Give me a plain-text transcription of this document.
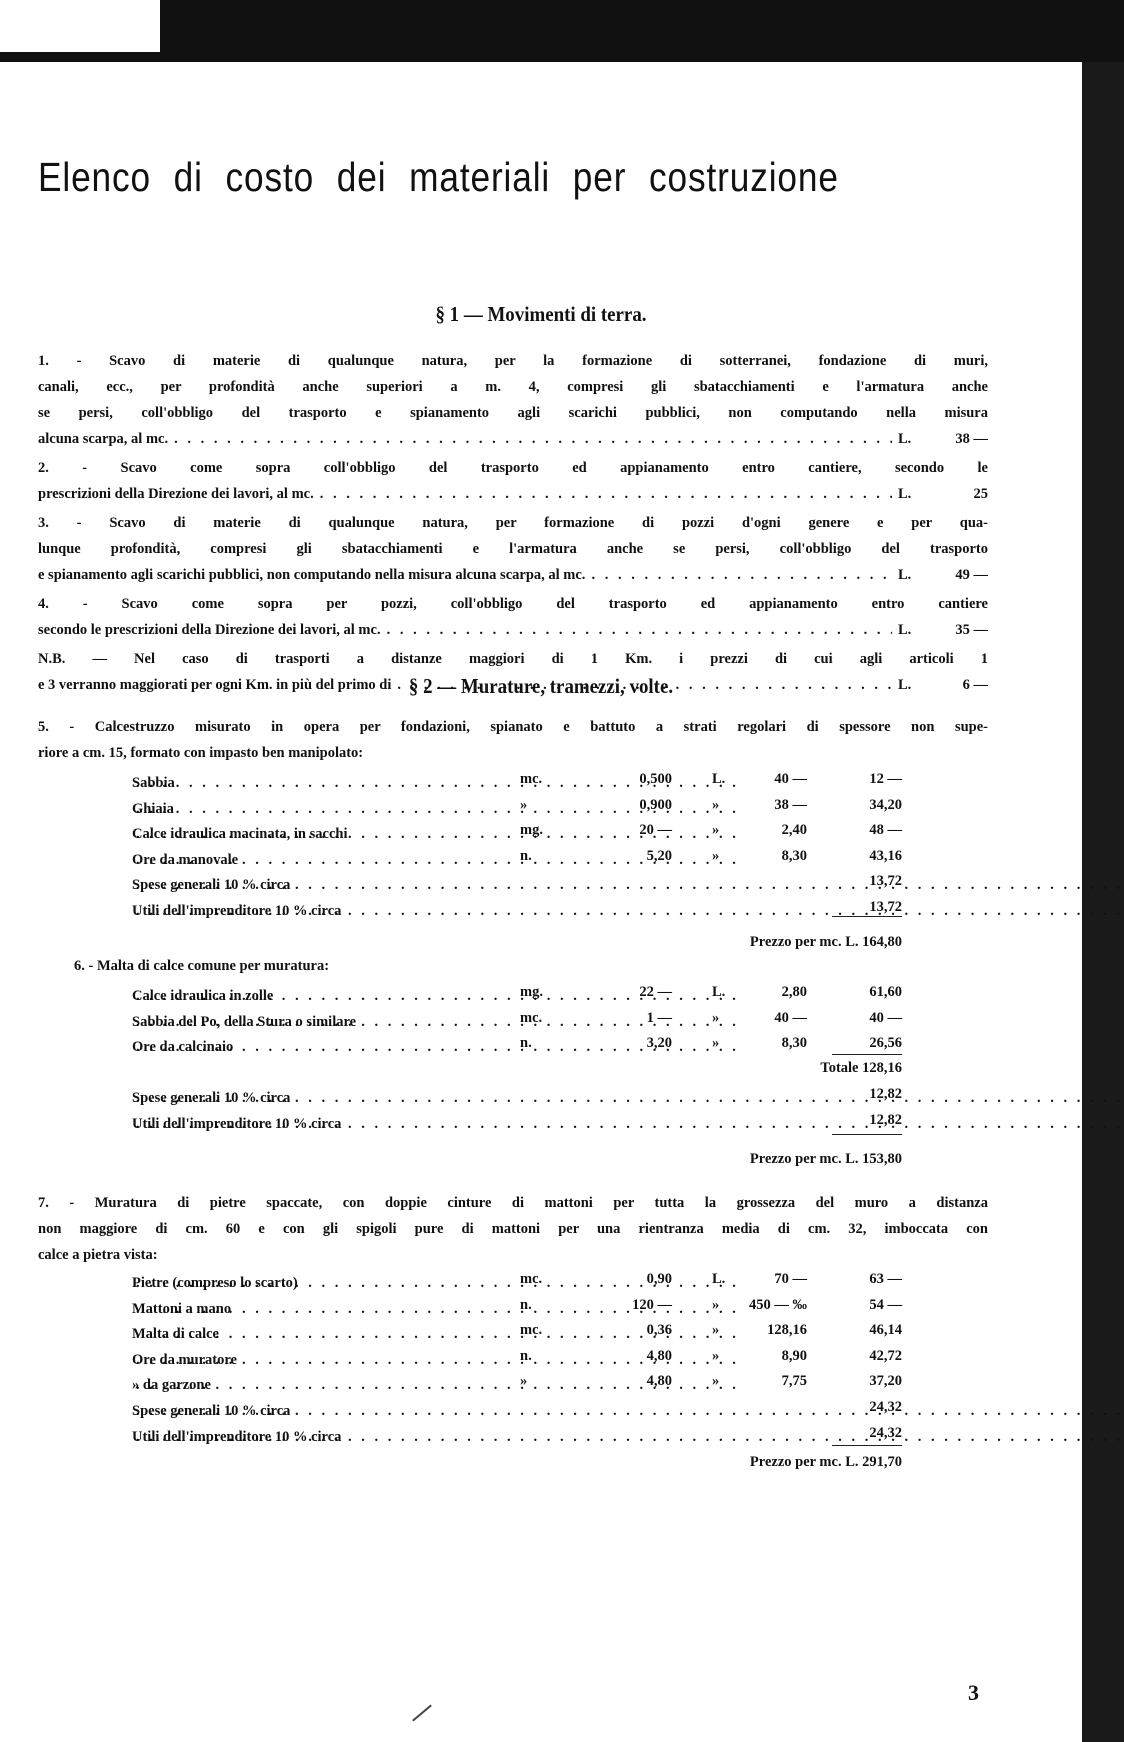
Elenco di costo dei materiali per costruzione
§ 1 — Movimenti di terra.
1. - Scavo di materie di qualunque natura, per la formazione di sotterranei, fondazione di muri,
canali, ecc., per profondità anche superiori a m. 4, compresi gli sbatacchiamenti e l'armatura anche
se persi, coll'obbligo del trasporto e spianamento agli scarichi pubblici, non computando nella misura
alcuna scarpa, al mc. . . .	L.	38 —
2. - Scavo come sopra coll'obbligo del trasporto ed appianamento entro cantiere, secondo le
prescrizioni della Direzione dei lavori, al mc. . . .	L.	25
3. - Scavo di materie di qualunque natura, per formazione di pozzi d'ogni genere e per qua-
lunque profondità, compresi gli sbatacchiamenti e l'armatura anche se persi, coll'obbligo del trasporto
e spianamento agli scarichi pubblici, non computando nella misura alcuna scarpa, al mc. . . .	L.	49 —
4. - Scavo come sopra per pozzi, coll'obbligo del trasporto ed appianamento entro cantiere
secondo le prescrizioni della Direzione dei lavori, al mc. . . .	L.	35 —
N.B. — Nel caso di trasporti a distanze maggiori di 1 Km. i prezzi di cui agli articoli 1
e 3 verranno maggiorati per ogni Km. in più del primo di . . .	L.	6 —
§ 2 — Murature, tramezzi, volte.
5. - Calcestruzzo misurato in opera per fondazioni, spianato e battuto a strati regolari di spessore non supe-
riore a cm. 15, formato con impasto ben manipolato:
Sabbia . . .	mc.	0,500	L.	40 —	12 —
Ghiaia . . .	»	0,900	»	38 —	34,20
Calce idraulica macinata, in sacchi . . .	mg.	20 —	»	2,40	48 —
Ore da manovale . . .	n.	5,20	»	8,30	43,16
Spese generali 10 % circa . . .	13,72
Utili dell'imprenditore 10 % circa . . .	13,72
Prezzo per mc. L. 164,80
6. - Malta di calce comune per muratura:
Calce idraulica in zolle . . .	mg.	22 —	L.	2,80	61,60
Sabbia del Po, della Stura o similare . . .	mc.	1 —	»	40 —	40 —
Ore da calcinaio . . .	n.	3,20	»	8,30	26,56
Totale 128,16
Spese generali 10 % circa . . .	12,82
Utili dell'imprenditore 10 % circa . . .	12,82
Prezzo per mc. L. 153,80
7. - Muratura di pietre spaccate, con doppie cinture di mattoni per tutta la grossezza del muro a distanza
non maggiore di cm. 60 e con gli spigoli pure di mattoni per una rientranza media di cm. 32, imboccata con
calce a pietra vista:
Pietre (compreso lo scarto) . . .	mc.	0,90	L.	70 —	63 —
Mattoni a mano . . .	n.	120 —	»	450 — ‰	54 —
Malta di calce . . .	mc.	0,36	»	128,16	46,14
Ore da muratore . . .	n.	4,80	»	8,90	42,72
» da garzone . . .	»	4,80	»	7,75	37,20
Spese generali 10 % circa . . .	24,32
Utili dell'imprenditore 10 % circa . . .	24,32
Prezzo per mc. L. 291,70
3
